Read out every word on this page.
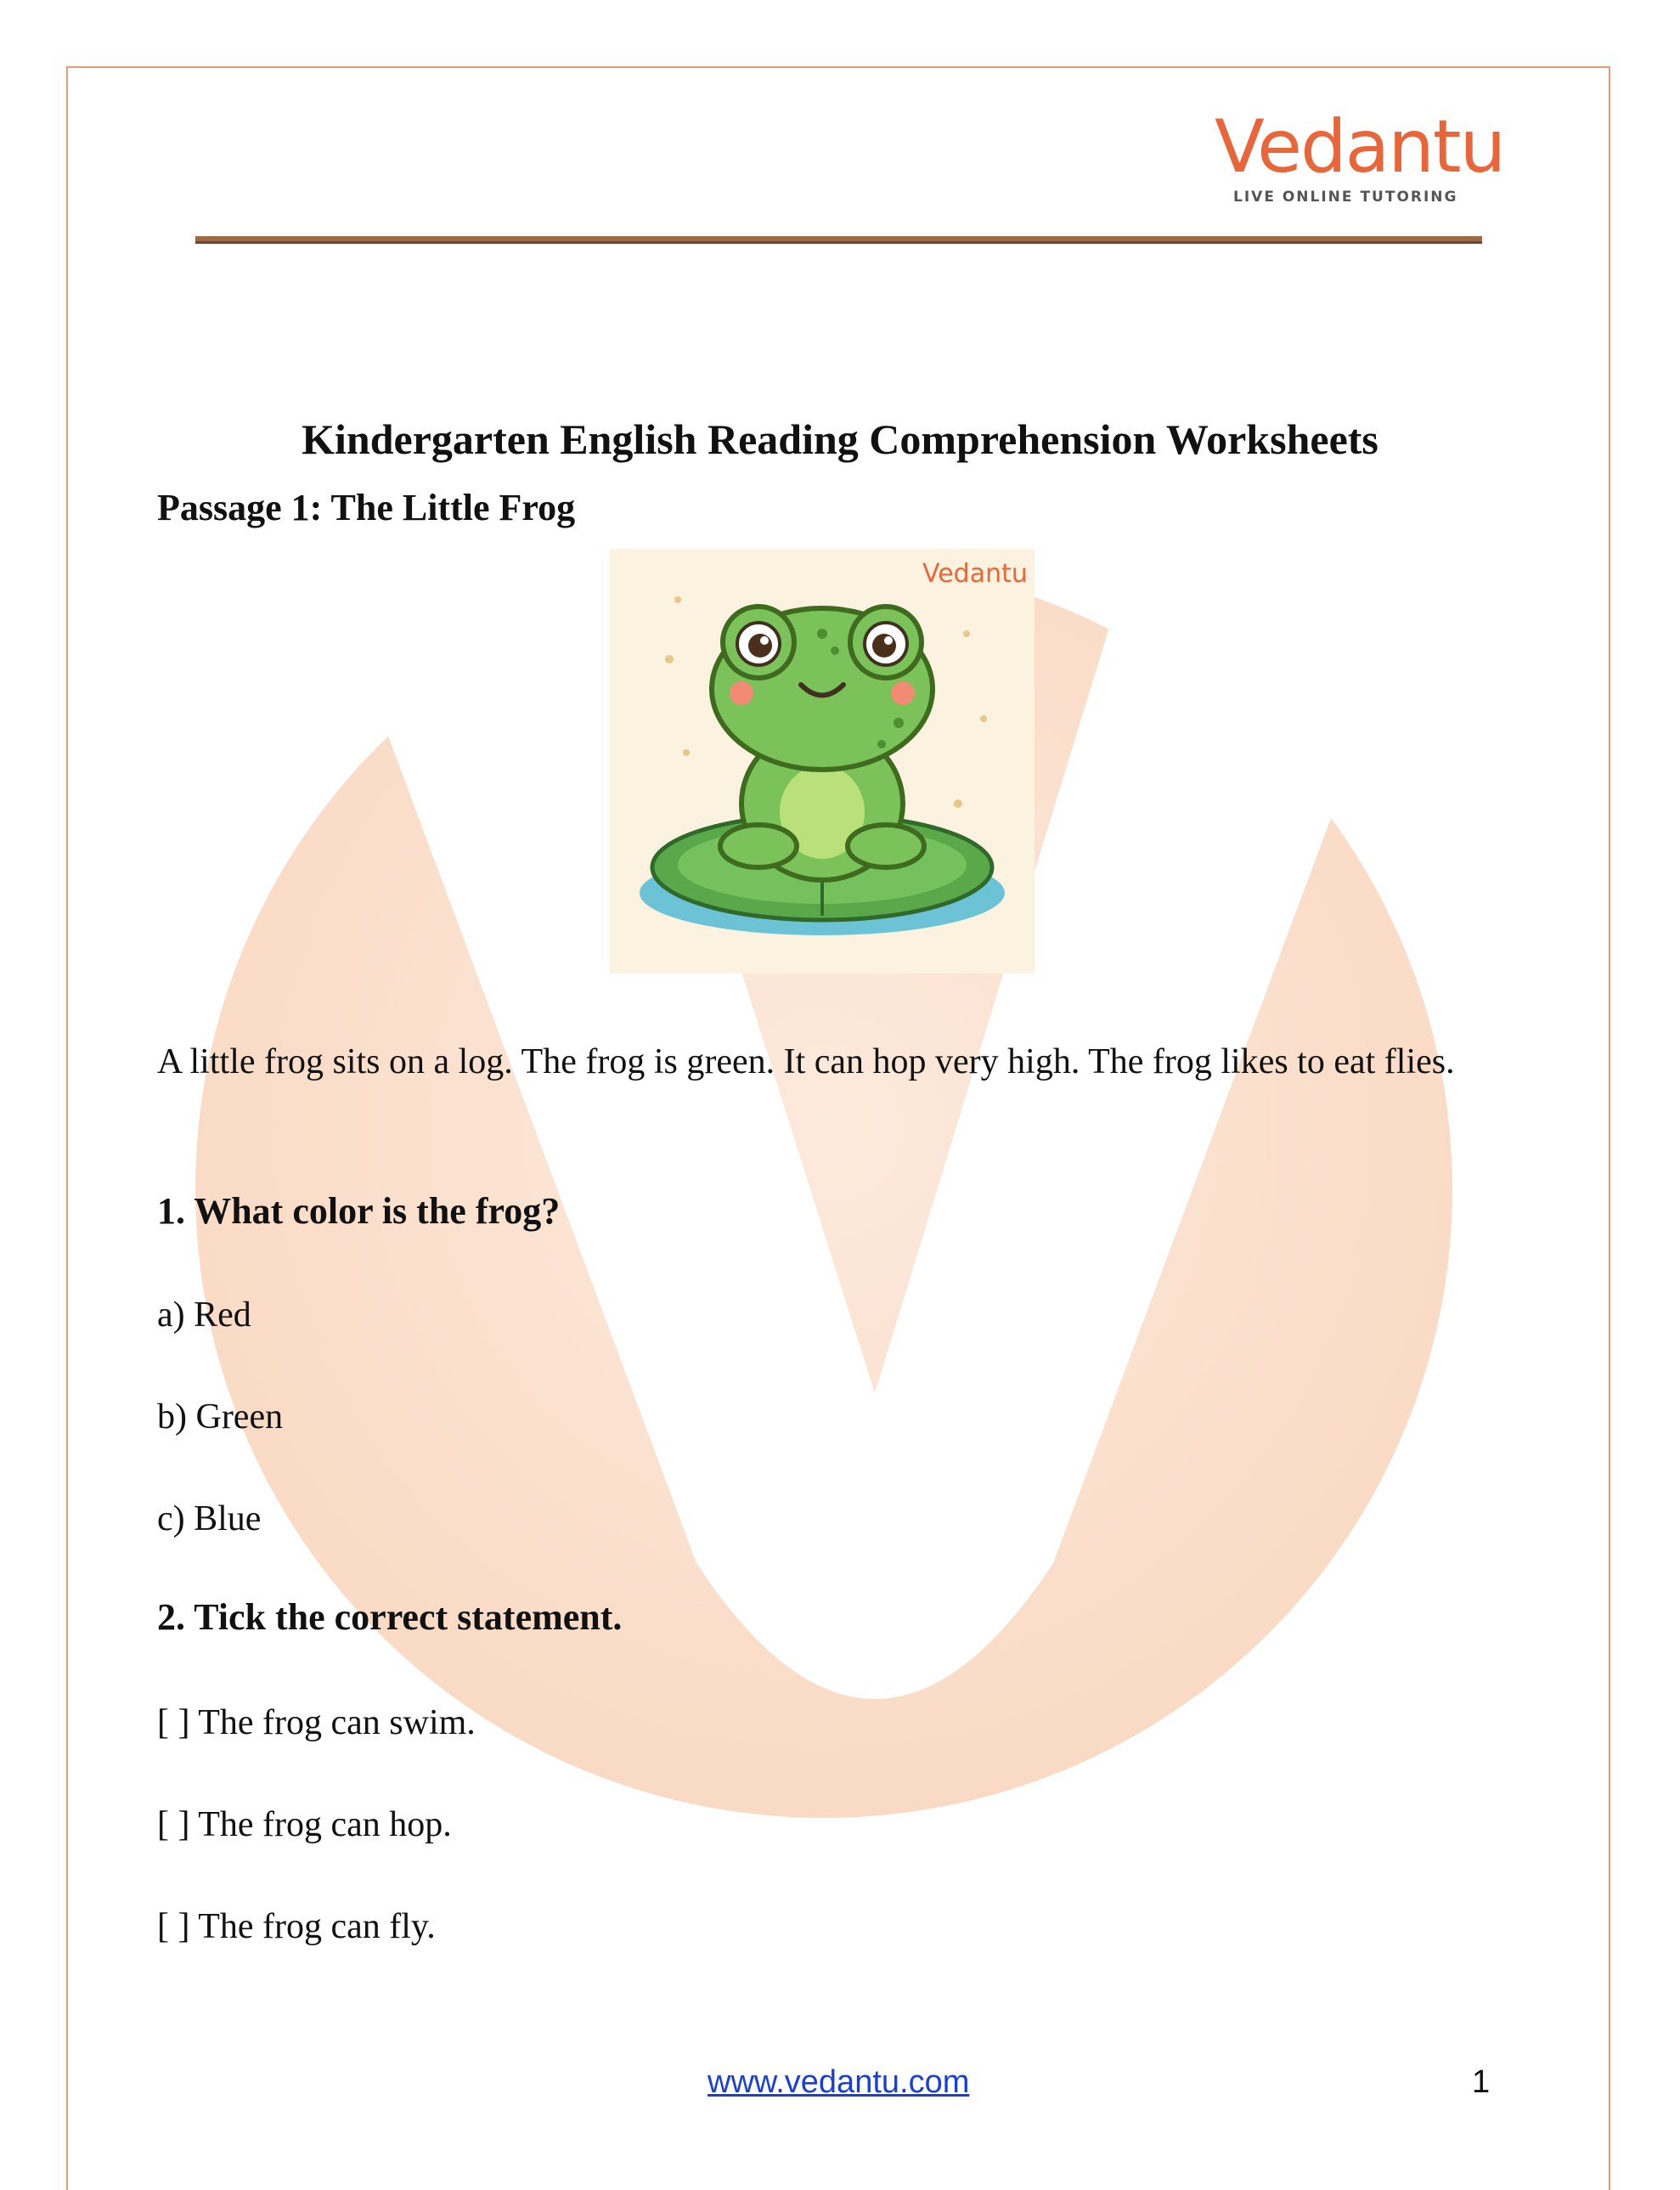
Vedantu
LIVE ONLINE TUTORING
Kindergarten English Reading Comprehension Worksheets
Passage 1: The Little Frog
Vedantu
A little frog sits on a log. The frog is green. It can hop very high. The frog likes to eat flies.
1. What color is the frog?
a) Red
b) Green
c) Blue
2. Tick the correct statement.
[ ] The frog can swim.
[ ] The frog can hop.
[ ] The frog can fly.
www.vedantu.com	1
